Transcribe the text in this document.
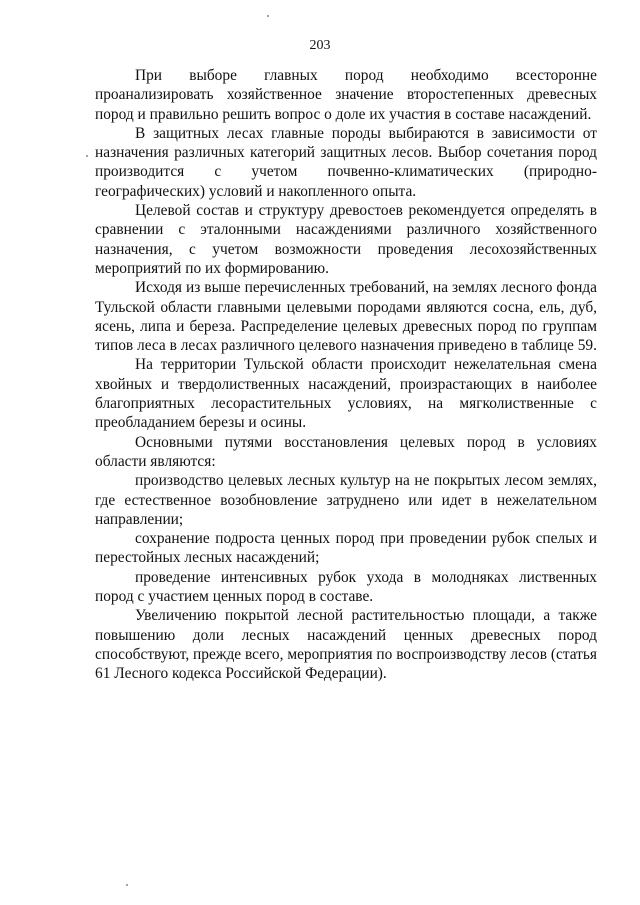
203

При выборе главных пород необходимо всесторонне проанализировать хозяйственное значение второстепенных древесных пород и правильно решить вопрос о доле их участия в составе насаждений.

В защитных лесах главные породы выбираются в зависимости от назначения различных категорий защитных лесов. Выбор сочетания пород производится с учетом почвенно-климатических (природно-географических) условий и накопленного опыта.

Целевой состав и структуру древостоев рекомендуется определять в сравнении с эталонными насаждениями различного хозяйственного назначения, с учетом возможности проведения лесохозяйственных мероприятий по их формированию.

Исходя из выше перечисленных требований, на землях лесного фонда Тульской области главными целевыми породами являются сосна, ель, дуб, ясень, липа и береза. Распределение целевых древесных пород по группам типов леса в лесах различного целевого назначения приведено в таблице 59.

На территории Тульской области происходит нежелательная смена хвойных и твердолиственных насаждений, произрастающих в наиболее благоприятных лесорастительных условиях, на мягколиственные с преобладанием березы и осины.

Основными путями восстановления целевых пород в условиях области являются:

производство целевых лесных культур на не покрытых лесом землях, где естественное возобновление затруднено или идет в нежелательном направлении;

сохранение подроста ценных пород при проведении рубок спелых и перестойных лесных насаждений;

проведение интенсивных рубок ухода в молодняках лиственных пород с участием ценных пород в составе.

Увеличению покрытой лесной растительностью площади, а также повышению доли лесных насаждений ценных древесных пород способствуют, прежде всего, мероприятия по воспроизводству лесов (статья 61 Лесного кодекса Российской Федерации).
